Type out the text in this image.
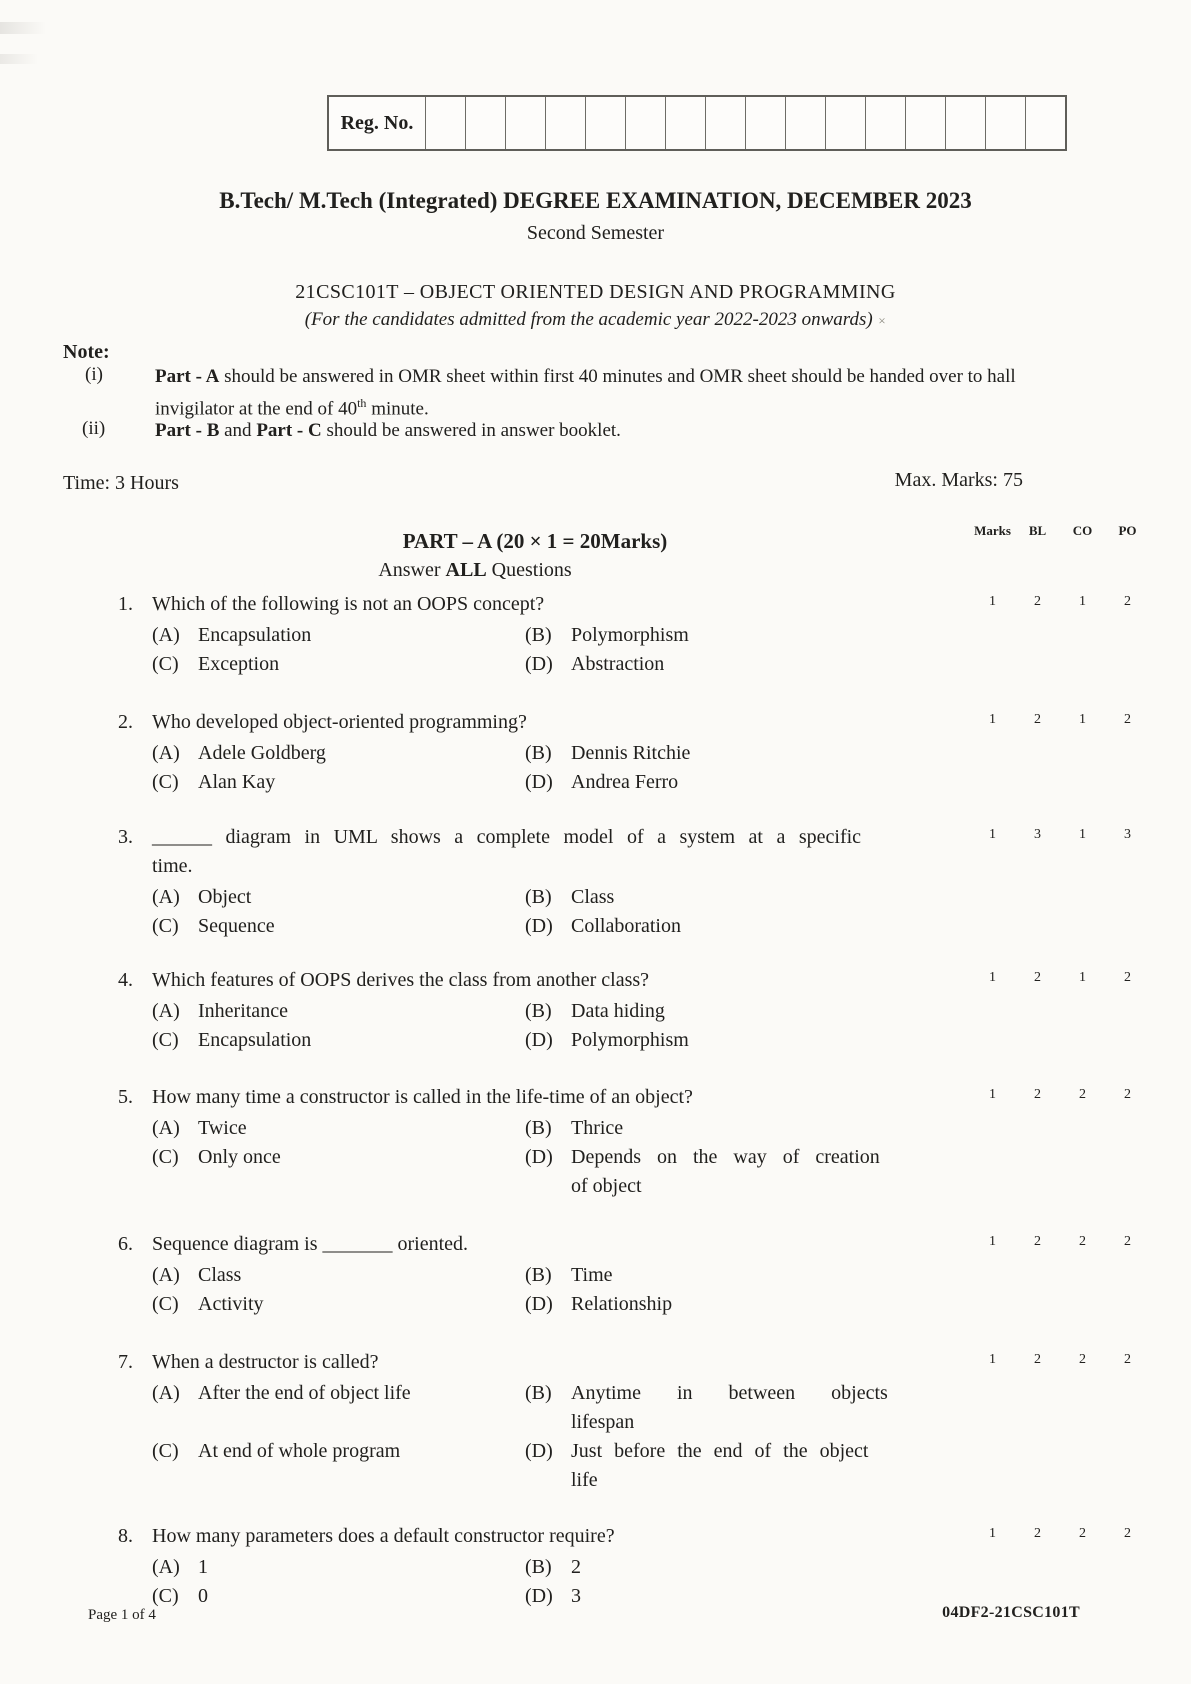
Reg. No.
B.Tech/ M.Tech (Integrated) DEGREE EXAMINATION, DECEMBER 2023
Second Semester
21CSC101T – OBJECT ORIENTED DESIGN AND PROGRAMMING
(For the candidates admitted from the academic year 2022-2023 onwards) ×
Note:
(i)	Part - A should be answered in OMR sheet within first 40 minutes and OMR sheet should be handed over to hall invigilator at the end of 40th minute.
(ii)	Part - B and Part - C should be answered in answer booklet.
Time: 3 Hours	Max. Marks: 75
Marks	BL	CO	PO
PART – A (20 × 1 = 20Marks)
Answer ALL Questions
1. Which of the following is not an OOPS concept?	1	2	1	2
(A) Encapsulation	(B) Polymorphism
(C) Exception	(D) Abstraction
2. Who developed object-oriented programming?	1	2	1	2
(A) Adele Goldberg	(B) Dennis Ritchie
(C) Alan Kay	(D) Andrea Ferro
3. ______ diagram in UML shows a complete model of a system at a specific
time.
1	3	1	3
(A) Object	(B) Class
(C) Sequence	(D) Collaboration
4. Which features of OOPS derives the class from another class?	1	2	1	2
(A) Inheritance	(B) Data hiding
(C) Encapsulation	(D) Polymorphism
5. How many time a constructor is called in the life-time of an object?	1	2	2	2
(A) Twice	(B) Thrice
(C) Only once	(D) Depends on the way of creation
of object
6. Sequence diagram is _______ oriented.	1	2	2	2
(A) Class	(B) Time
(C) Activity	(D) Relationship
7. When a destructor is called?	1	2	2	2
(A) After the end of object life	(B) Anytime in between objects
lifespan
(C) At end of whole program	(D) Just before the end of the object
life
8. How many parameters does a default constructor require?	1	2	2	2
(A) 1	(B) 2
(C) 0	(D) 3
Page 1 of 4	04DF2-21CSC101T
